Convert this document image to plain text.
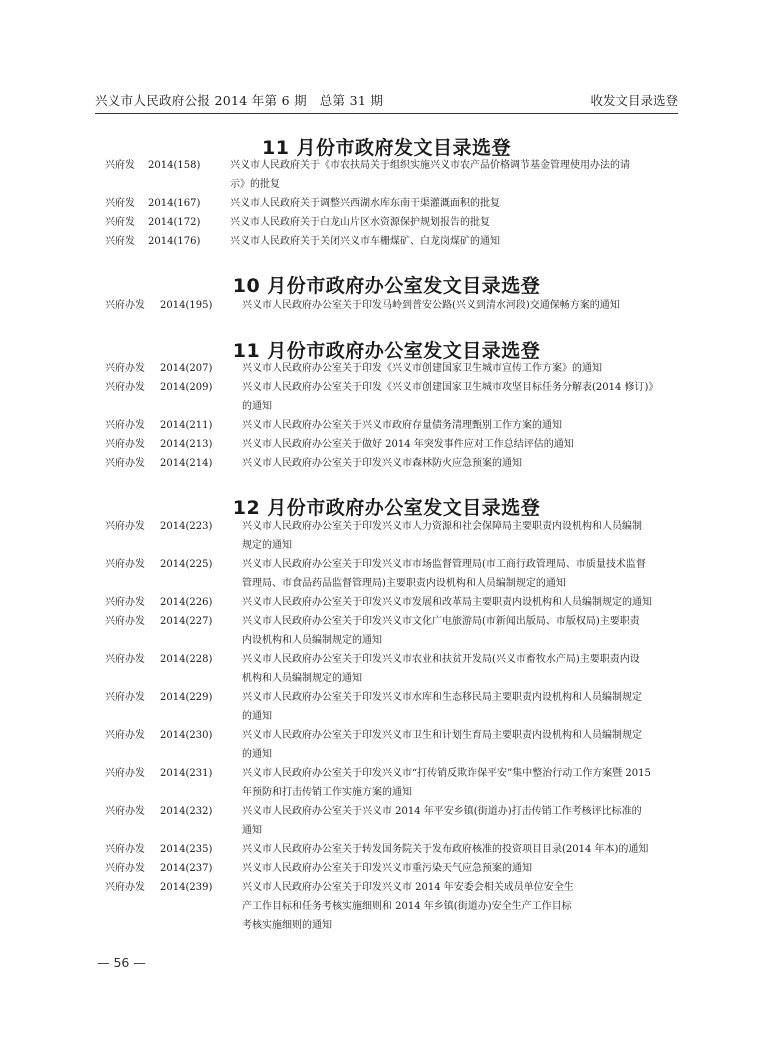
兴义市人民政府公报 2014 年第 6 期　总第 31 期	收发文目录选登
11 月份市政府发文目录选登
兴府发	2014(158)	兴义市人民政府关于《市农扶局关于组织实施兴义市农产品价格调节基金管理使用办法的请
示》的批复
兴府发	2014(167)	兴义市人民政府关于调整兴西湖水库东南干渠灌溉面积的批复
兴府发	2014(172)	兴义市人民政府关于白龙山片区水资源保护规划报告的批复
兴府发	2014(176)	兴义市人民政府关于关闭兴义市车栅煤矿、白龙岗煤矿的通知
10 月份市政府办公室发文目录选登
兴府办发	2014(195)	兴义市人民政府办公室关于印发马岭到普安公路(兴义到清水河段)交通保畅方案的通知
11 月份市政府办公室发文目录选登
兴府办发	2014(207)	兴义市人民政府办公室关于印发《兴义市创建国家卫生城市宣传工作方案》的通知
兴府办发	2014(209)	兴义市人民政府办公室关于印发《兴义市创建国家卫生城市攻坚目标任务分解表(2014 修订)》
的通知
兴府办发	2014(211)	兴义市人民政府办公室关于兴义市政府存量债务清理甄别工作方案的通知
兴府办发	2014(213)	兴义市人民政府办公室关于做好 2014 年突发事件应对工作总结评估的通知
兴府办发	2014(214)	兴义市人民政府办公室关于印发兴义市森林防火应急预案的通知
12 月份市政府办公室发文目录选登
兴府办发	2014(223)	兴义市人民政府办公室关于印发兴义市人力资源和社会保障局主要职责内设机构和人员编制
规定的通知
兴府办发	2014(225)	兴义市人民政府办公室关于印发兴义市市场监督管理局(市工商行政管理局、市质量技术监督
管理局、市食品药品监督管理局)主要职责内设机构和人员编制规定的通知
兴府办发	2014(226)	兴义市人民政府办公室关于印发兴义市发展和改革局主要职责内设机构和人员编制规定的通知
兴府办发	2014(227)	兴义市人民政府办公室关于印发兴义市文化广电旅游局(市新闻出版局、市版权局)主要职责
内设机构和人员编制规定的通知
兴府办发	2014(228)	兴义市人民政府办公室关于印发兴义市农业和扶贫开发局(兴义市畜牧水产局)主要职责内设
机构和人员编制规定的通知
兴府办发	2014(229)	兴义市人民政府办公室关于印发兴义市水库和生态移民局主要职责内设机构和人员编制规定
的通知
兴府办发	2014(230)	兴义市人民政府办公室关于印发兴义市卫生和计划生育局主要职责内设机构和人员编制规定
的通知
兴府办发	2014(231)	兴义市人民政府办公室关于印发兴义市“打传销反欺诈保平安”集中整治行动工作方案暨 2015
年预防和打击传销工作实施方案的通知
兴府办发	2014(232)	兴义市人民政府办公室关于兴义市 2014 年平安乡镇(街道办)打击传销工作考核评比标准的
通知
兴府办发	2014(235)	兴义市人民政府办公室关于转发国务院关于发布政府核准的投资项目目录(2014 年本)的通知
兴府办发	2014(237)	兴义市人民政府办公室关于印发兴义市重污染天气应急预案的通知
兴府办发	2014(239)	兴义市人民政府办公室关于印发兴义市 2014 年安委会相关成员单位安全生
产工作目标和任务考核实施细则和 2014 年乡镇(街道办)安全生产工作目标
考核实施细则的通知
— 56 —
